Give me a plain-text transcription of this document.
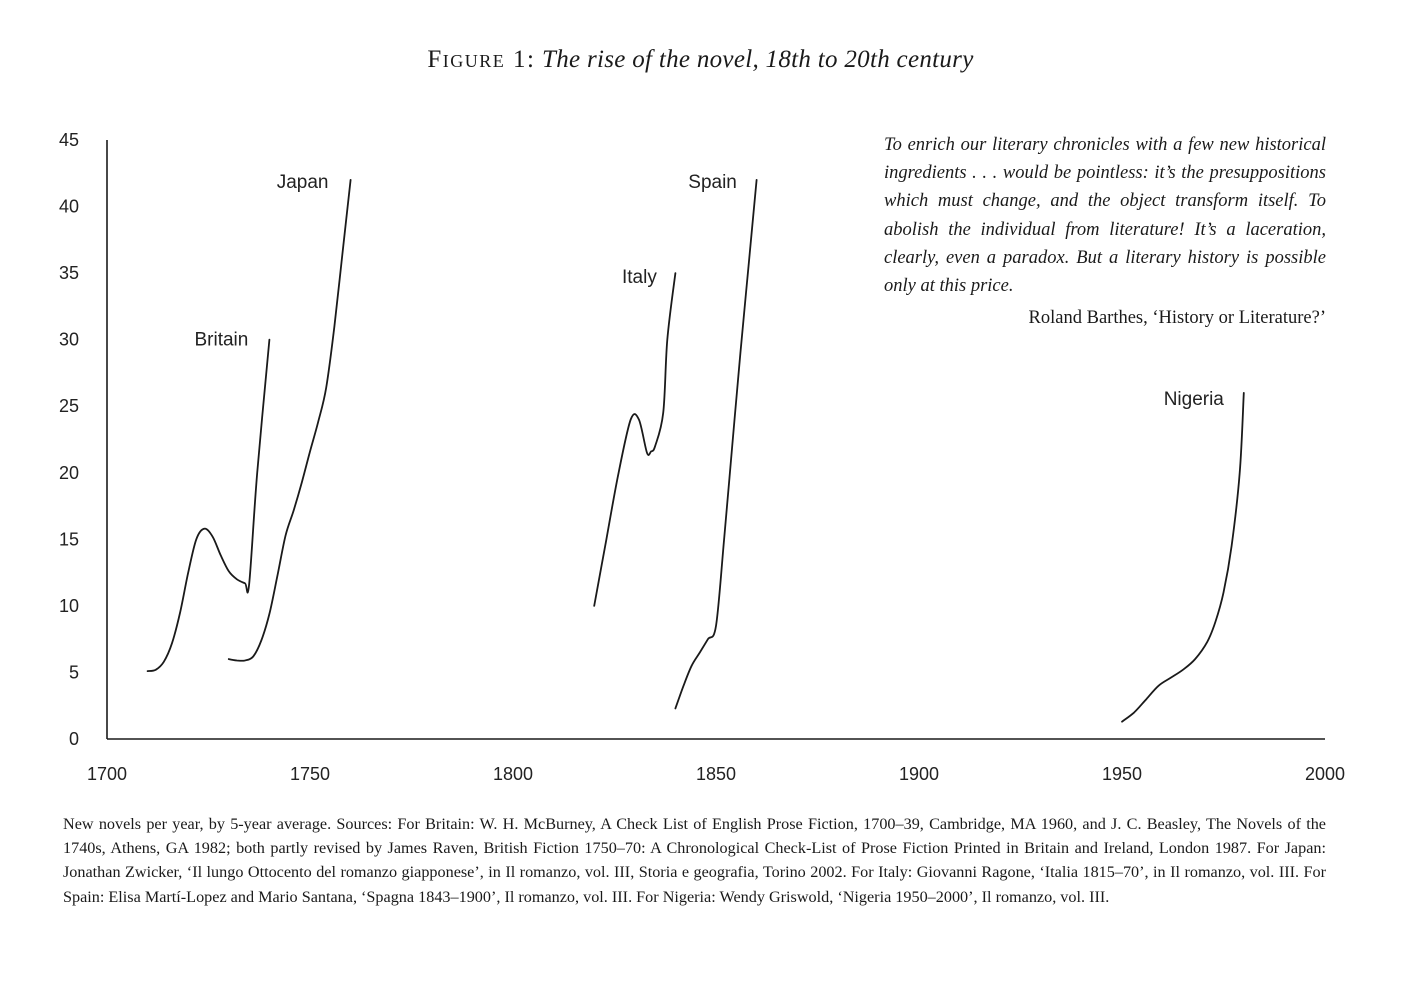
Figure 1: The rise of the novel, 18th to 20th century
0
5
10
15
20
25
30
35
40
45
1700	1750	1800	1850	1900	1950	2000
Britain
Japan
Italy
Spain
Nigeria

To enrich our literary chronicles with a few new historical ingredients . . . would be pointless: it’s the presuppositions which must change, and the object transform itself. To abolish the individual from literature! It’s a laceration, clearly, even a paradox. But a literary history is possible only at this price.

Roland Barthes, ‘History or Literature?’
New novels per year, by 5-year average. Sources: For Britain: W. H. McBurney, A Check List of English Prose Fiction, 1700–39, Cambridge, MA 1960, and J. C. Beasley, The Novels of the 1740s, Athens, GA 1982; both partly revised by James Raven, British Fiction 1750–70: A Chronological Check-List of Prose Fiction Printed in Britain and Ireland, London 1987. For Japan: Jonathan Zwicker, ‘Il lungo Ottocento del romanzo giapponese’, in Il romanzo, vol. III, Storia e geografia, Torino 2002. For Italy: Giovanni Ragone, ‘Italia 1815–70’, in Il romanzo, vol. III. For Spain: Elisa Martí-Lopez and Mario Santana, ‘Spagna 1843–1900’, Il romanzo, vol. III. For Nigeria: Wendy Griswold, ‘Nigeria 1950–2000’, Il romanzo, vol. III.
